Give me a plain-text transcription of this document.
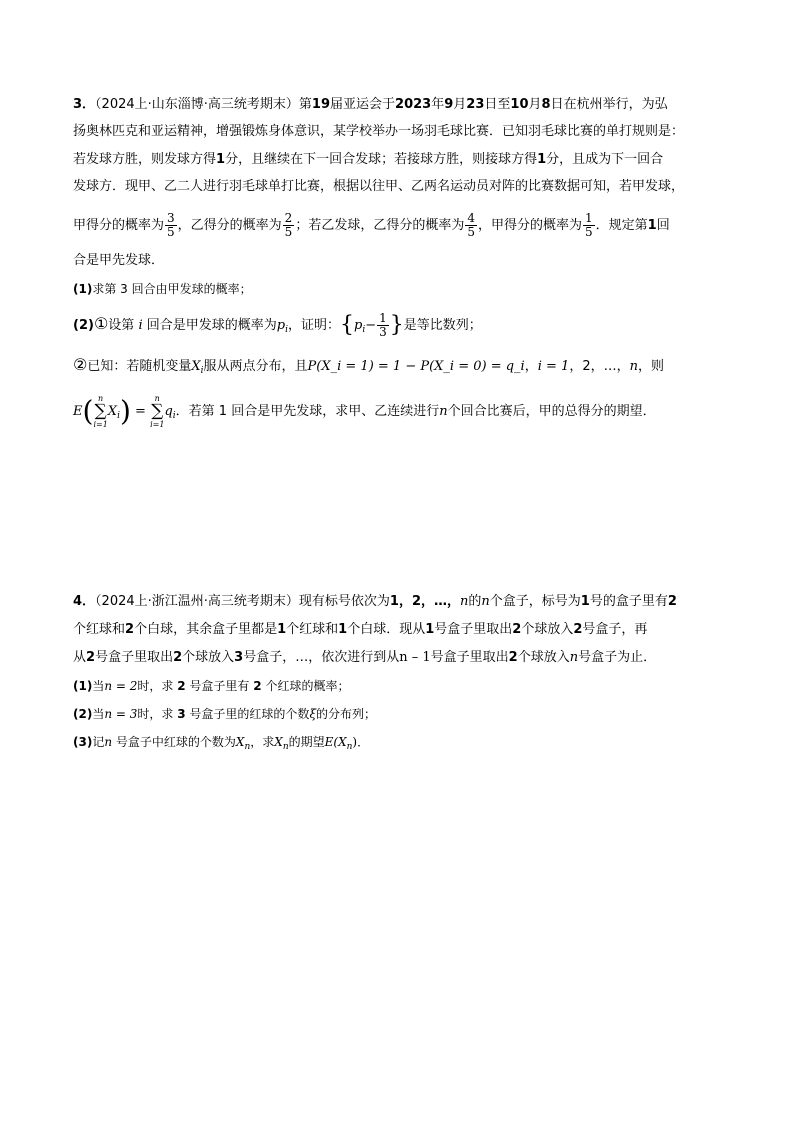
3．（2024上·山东淄博·高三统考期末）第19届亚运会于2023年9月23日至10月8日在杭州举行，为弘
扬奥林匹克和亚运精神，增强锻炼身体意识，某学校举办一场羽毛球比赛．已知羽毛球比赛的单打规则是：
若发球方胜，则发球方得1分，且继续在下一回合发球；若接球方胜，则接球方得1分，且成为下一回合
发球方．现甲、乙二人进行羽毛球单打比赛，根据以往甲、乙两名运动员对阵的比赛数据可知，若甲发球，
甲得分的概率为 $\frac{3}{5}$ ，乙得分的概率为 $\frac{2}{5}$ ；若乙发球，乙得分的概率为 $\frac{4}{5}$ ，甲得分的概率为 $\frac{1}{5}$ ．规定第1回
合是甲先发球．
(1)求第 3 回合由甲发球的概率；
(2)①设第 i 回合是甲发球的概率为$p_i$，证明：{$p_i- \frac{1}{3}$ }是等比数列；
②已知：若随机变量$X_i$服从两点分布，且P(X_i = 1) = 1 − P(X_i = 0) = q_i，i = 1，2，…，n，则
E( n
∑
i=1
$X_i$) =
n
∑
i=1
$q_i$．若第 1 回合是甲先发球，求甲、乙连续进行n个回合比赛后，甲的总得分的期望．
4．（2024上·浙江温州·高三统考期末）现有标号依次为1，2，…，n的n个盒子，标号为1号的盒子里有2
个红球和2个白球，其余盒子里都是1个红球和1个白球．现从1号盒子里取出2个球放入2号盒子，再
从2号盒子里取出2个球放入3号盒子，…，依次进行到从n – 1号盒子里取出2个球放入n号盒子为止．
(1)当n = 2时，求 2 号盒子里有 2 个红球的概率；
(2)当n = 3时，求 3 号盒子里的红球的个数ξ的分布列；
(3)记n 号盒子中红球的个数为$X_n$，求$X_n$的期望$E(X_n)$．
